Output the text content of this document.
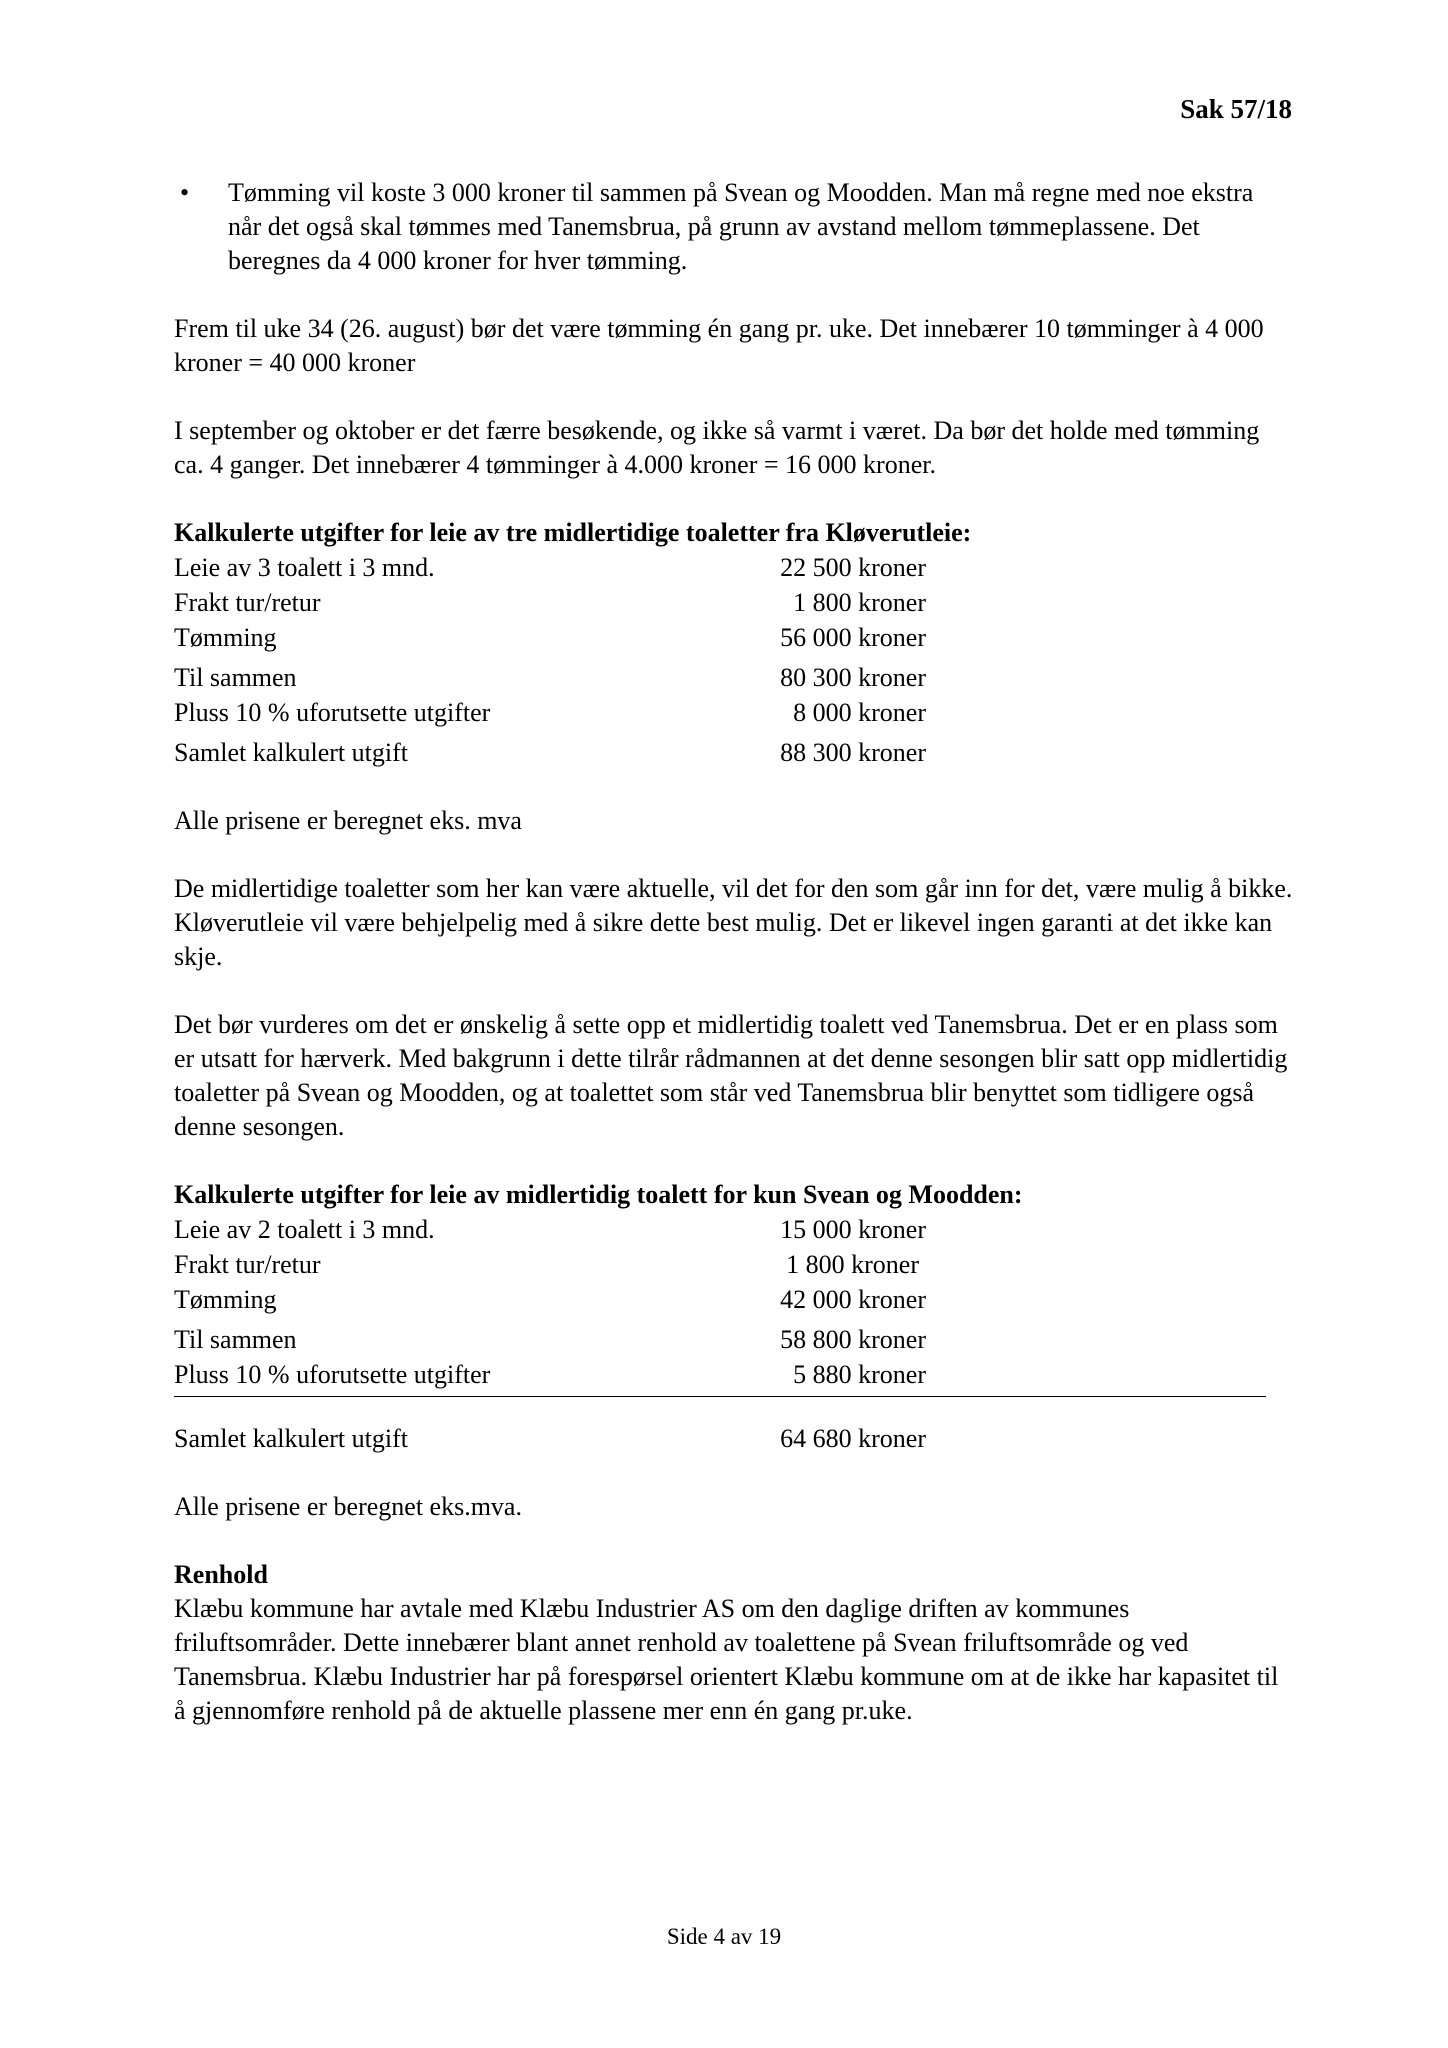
Sak 57/18
•	Tømming vil koste 3 000 kroner til sammen på Svean og Moodden. Man må regne med noe ekstra når det også skal tømmes med Tanemsbrua, på grunn av avstand mellom tømmeplassene. Det beregnes da 4 000 kroner for hver tømming.

Frem til uke 34 (26. august) bør det være tømming én gang pr. uke. Det innebærer 10 tømminger à 4 000 kroner = 40 000 kroner

I september og oktober er det færre besøkende, og ikke så varmt i været. Da bør det holde med tømming ca. 4 ganger. Det innebærer 4 tømminger à 4.000 kroner = 16 000 kroner.

Kalkulerte utgifter for leie av tre midlertidige toaletter fra Kløverutleie:

Leie av 3 toalett i 3 mnd.	22 500 kroner
Frakt tur/retur	1 800 kroner
Tømming	56 000 kroner
Til sammen	80 300 kroner
Pluss 10 % uforutsette utgifter	8 000 kroner
Samlet kalkulert utgift	88 300 kroner

Alle prisene er beregnet eks. mva

De midlertidige toaletter som her kan være aktuelle, vil det for den som går inn for det, være mulig å bikke. Kløverutleie vil være behjelpelig med å sikre dette best mulig. Det er likevel ingen garanti at det ikke kan skje.

Det bør vurderes om det er ønskelig å sette opp et midlertidig toalett ved Tanemsbrua. Det er en plass som er utsatt for hærverk. Med bakgrunn i dette tilrår rådmannen at det denne sesongen blir satt opp midlertidig toaletter på Svean og Moodden, og at toalettet som står ved Tanemsbrua blir benyttet som tidligere også denne sesongen.

Kalkulerte utgifter for leie av midlertidig toalett for kun Svean og Moodden:

Leie av 2 toalett i 3 mnd.	15 000 kroner
Frakt tur/retur	1 800 kroner
Tømming	42 000 kroner
Til sammen	58 800 kroner
Pluss 10 % uforutsette utgifter	5 880 kroner
Samlet kalkulert utgift	64 680 kroner

Alle prisene er beregnet eks.mva.

Renhold

Klæbu kommune har avtale med Klæbu Industrier AS om den daglige driften av kommunes friluftsområder. Dette innebærer blant annet renhold av toalettene på Svean friluftsområde og ved Tanemsbrua. Klæbu Industrier har på forespørsel orientert Klæbu kommune om at de ikke har kapasitet til å gjennomføre renhold på de aktuelle plassene mer enn én gang pr.uke.

Side 4 av 19
